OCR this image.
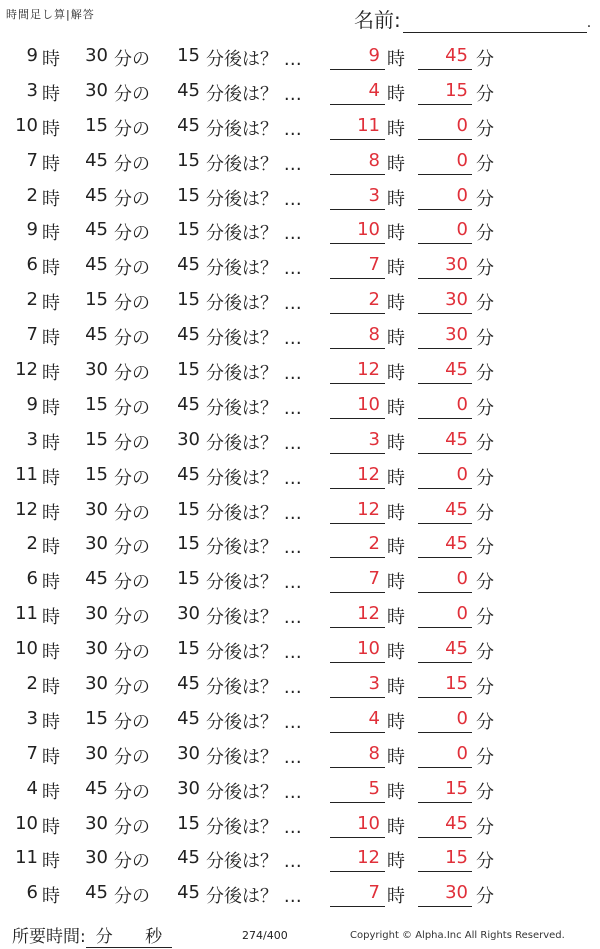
時間足し算|解答	名前:	.
9 時	30 分の	15 分後は？ …	9 時	45 分
3 時	30 分の	45 分後は？ …	4 時	15 分
10 時	15 分の	45 分後は？ …	11 時	0 分
7 時	45 分の	15 分後は？ …	8 時	0 分
2 時	45 分の	15 分後は？ …	3 時	0 分
9 時	45 分の	15 分後は？ …	10 時	0 分
6 時	45 分の	45 分後は？ …	7 時	30 分
2 時	15 分の	15 分後は？ …	2 時	30 分
7 時	45 分の	45 分後は？ …	8 時	30 分
12 時	30 分の	15 分後は？ …	12 時	45 分
9 時	15 分の	45 分後は？ …	10 時	0 分
3 時	15 分の	30 分後は？ …	3 時	45 分
11 時	15 分の	45 分後は？ …	12 時	0 分
12 時	30 分の	15 分後は？ …	12 時	45 分
2 時	30 分の	15 分後は？ …	2 時	45 分
6 時	45 分の	15 分後は？ …	7 時	0 分
11 時	30 分の	30 分後は？ …	12 時	0 分
10 時	30 分の	15 分後は？ …	10 時	45 分
2 時	30 分の	45 分後は？ …	3 時	15 分
3 時	15 分の	45 分後は？ …	4 時	0 分
7 時	30 分の	30 分後は？ …	8 時	0 分
4 時	45 分の	30 分後は？ …	5 時	15 分
10 時	30 分の	15 分後は？ …	10 時	45 分
11 時	30 分の	45 分後は？ …	12 時	15 分
6 時	45 分の	45 分後は？ …	7 時	30 分
所要時間: 分 秒	274/400	Copyright © Alpha.Inc All Rights Reserved.
